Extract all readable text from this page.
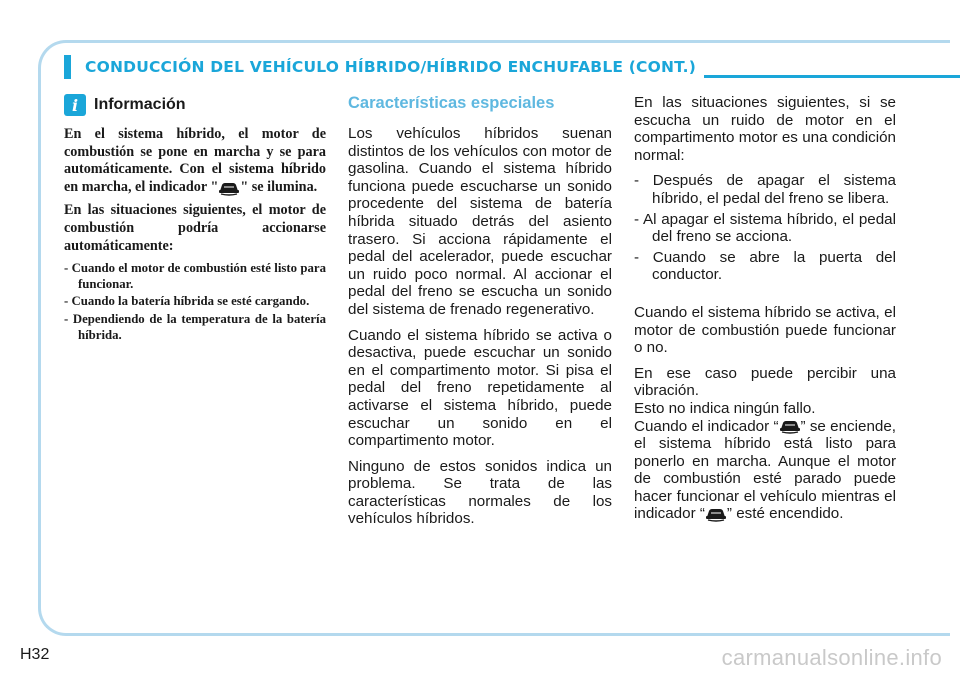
CONDUCCIÓN DEL VEHÍCULO HÍBRIDO/HÍBRIDO ENCHUFABLE (CONT.)
i Información

En el sistema híbrido, el motor de combustión se pone en marcha y se para automáticamente. Con el sistema híbrido en marcha, el indicador " " se ilumina.

En las situaciones siguientes, el motor de combustión podría accionarse automáticamente:

- Cuando el motor de combustión esté listo para funcionar.
- Cuando la batería híbrida se esté cargando.
- Dependiendo de la temperatura de la batería híbrida.
Características especiales

Los vehículos híbridos suenan distintos de los vehículos con motor de gasolina. Cuando el sistema híbrido funciona puede escucharse un sonido procedente del sistema de batería híbrida situado detrás del asiento trasero. Si acciona rápidamente el pedal del acelerador, puede escuchar un ruido poco normal. Al accionar el pedal del freno se escucha un sonido del sistema de frenado regenerativo.

Cuando el sistema híbrido se activa o desactiva, puede escuchar un sonido en el compartimento motor. Si pisa el pedal del freno repetidamente al activarse el sistema híbrido, puede escuchar un sonido en el compartimento motor.

Ninguno de estos sonidos indica un problema. Se trata de las características normales de los vehículos híbridos.

En las situaciones siguientes, si se escucha un ruido de motor en el compartimento motor es una condición normal:

- Después de apagar el sistema híbrido, el pedal del freno se libera.
- Al apagar el sistema híbrido, el pedal del freno se acciona.
- Cuando se abre la puerta del conductor.

Cuando el sistema híbrido se activa, el motor de combustión puede funcionar o no.

En ese caso puede percibir una vibración.

Esto no indica ningún fallo.

Cuando el indicador “ ” se enciende, el sistema híbrido está listo para ponerlo en marcha. Aunque el motor de combustión esté parado puede hacer funcionar el vehículo mientras el indicador “ ” esté encendido.

H32	carmanualsonline.info
